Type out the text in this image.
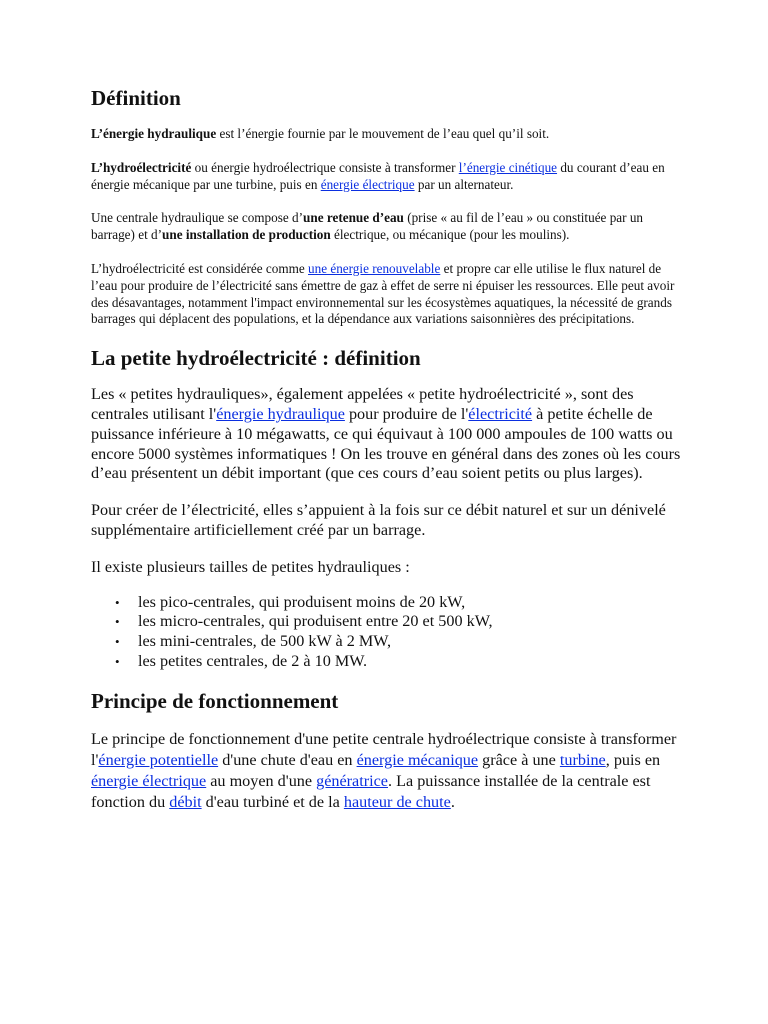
Définition

L’énergie hydraulique est l’énergie fournie par le mouvement de l’eau quel qu’il soit.

L’hydroélectricité ou énergie hydroélectrique consiste à transformer l’énergie cinétique du courant d’eau en énergie mécanique par une turbine, puis en énergie électrique par un alternateur.

Une centrale hydraulique se compose d’une retenue d’eau (prise « au fil de l’eau » ou constituée par un barrage) et d’une installation de production électrique, ou mécanique (pour les moulins).

L’hydroélectricité est considérée comme une énergie renouvelable et propre car elle utilise le flux naturel de l’eau pour produire de l’électricité sans émettre de gaz à effet de serre ni épuiser les ressources. Elle peut avoir des désavantages, notamment l'impact environnemental sur les écosystèmes aquatiques, la nécessité de grands barrages qui déplacent des populations, et la dépendance aux variations saisonnières des précipitations.

La petite hydroélectricité : définition

Les « petites hydrauliques», également appelées « petite hydroélectricité », sont des centrales utilisant l'énergie hydraulique pour produire de l'électricité à petite échelle de puissance inférieure à 10 mégawatts, ce qui équivaut à 100 000 ampoules de 100 watts ou encore 5000 systèmes informatiques ! On les trouve en général dans des zones où les cours d’eau présentent un débit important (que ces cours d’eau soient petits ou plus larges).

Pour créer de l’électricité, elles s’appuient à la fois sur ce débit naturel et sur un dénivelé supplémentaire artificiellement créé par un barrage.

Il existe plusieurs tailles de petites hydrauliques :

• les pico-centrales, qui produisent moins de 20 kW,
• les micro-centrales, qui produisent entre 20 et 500 kW,
• les mini-centrales, de 500 kW à 2 MW,
• les petites centrales, de 2 à 10 MW.
Principe de fonctionnement

Le principe de fonctionnement d'une petite centrale hydroélectrique consiste à transformer l'énergie potentielle d'une chute d'eau en énergie mécanique grâce à une turbine, puis en énergie électrique au moyen d'une génératrice. La puissance installée de la centrale est fonction du débit d'eau turbiné et de la hauteur de chute.
